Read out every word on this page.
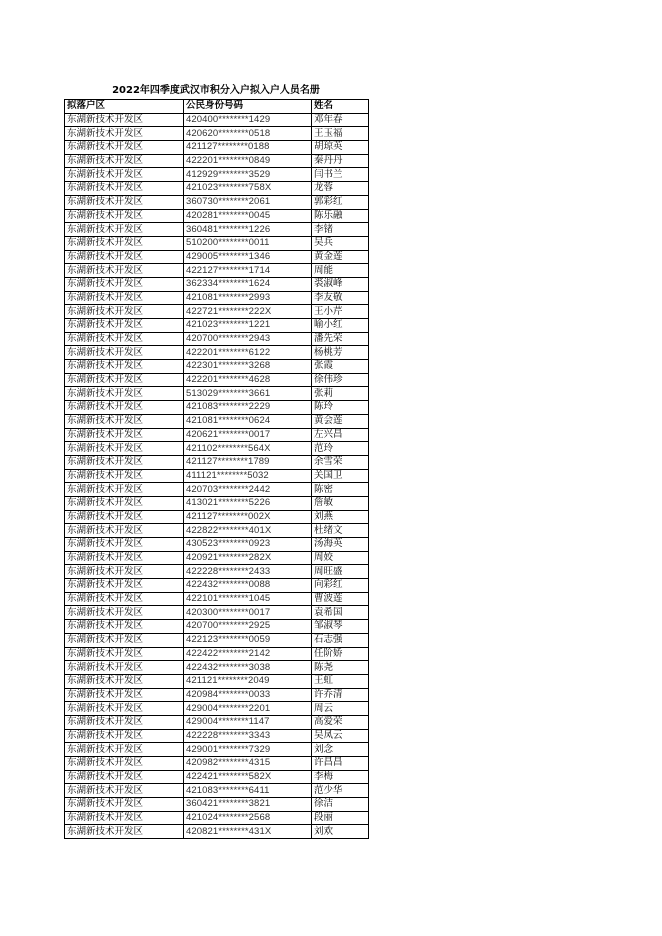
2022年四季度武汉市积分入户拟入户人员名册
拟落户区	公民身份号码	姓名
东湖新技术开发区	420400********1429	邓年春
东湖新技术开发区	420620********0518	王玉福
东湖新技术开发区	421127********0188	胡琼英
东湖新技术开发区	422201********0849	秦丹丹
东湖新技术开发区	412929********3529	闫书兰
东湖新技术开发区	421023********758X	龙蓉
东湖新技术开发区	360730********2061	郭彩红
东湖新技术开发区	420281********0045	陈乐融
东湖新技术开发区	360481********1226	李锗
东湖新技术开发区	510200********0011	吴兵
东湖新技术开发区	429005********1346	黄金莲
东湖新技术开发区	422127********1714	周能
东湖新技术开发区	362334********1624	裘淑峰
东湖新技术开发区	421081********2993	李友敬
东湖新技术开发区	422721********222X	王小芹
东湖新技术开发区	421023********1221	喻小红
东湖新技术开发区	420700********2943	潘先荣
东湖新技术开发区	422201********6122	杨桃芳
东湖新技术开发区	422301********3268	张霞
东湖新技术开发区	422201********4628	徐伟珍
东湖新技术开发区	513029********3661	张莉
东湖新技术开发区	421083********2229	陈玲
东湖新技术开发区	421081********0624	黄会莲
东湖新技术开发区	420621********0017	左兴昌
东湖新技术开发区	421102********564X	范玲
东湖新技术开发区	421127********1789	余雪荣
东湖新技术开发区	411121********5032	关国卫
东湖新技术开发区	420703********2442	陈密
东湖新技术开发区	413021********5226	詹敏
东湖新技术开发区	421127********002X	刘燕
东湖新技术开发区	422822********401X	杜绪文
东湖新技术开发区	430523********0923	汤海英
东湖新技术开发区	420921********282X	周姣
东湖新技术开发区	422228********2433	周旺盛
东湖新技术开发区	422432********0088	向彩红
东湖新技术开发区	422101********1045	曹波莲
东湖新技术开发区	420300********0017	袁希国
东湖新技术开发区	420700********2925	邹淑琴
东湖新技术开发区	422123********0059	石志强
东湖新技术开发区	422422********2142	任阶娇
东湖新技术开发区	422432********3038	陈尧
东湖新技术开发区	421121********2049	王虹
东湖新技术开发区	420984********0033	许乔清
东湖新技术开发区	429004********2201	周云
东湖新技术开发区	429004********1147	高爱荣
东湖新技术开发区	422228********3343	吴凤云
东湖新技术开发区	429001********7329	刘念
东湖新技术开发区	420982********4315	许昌昌
东湖新技术开发区	422421********582X	李梅
东湖新技术开发区	421083********6411	范少华
东湖新技术开发区	360421********3821	徐洁
东湖新技术开发区	421024********2568	段丽
东湖新技术开发区	420821********431X	刘欢
